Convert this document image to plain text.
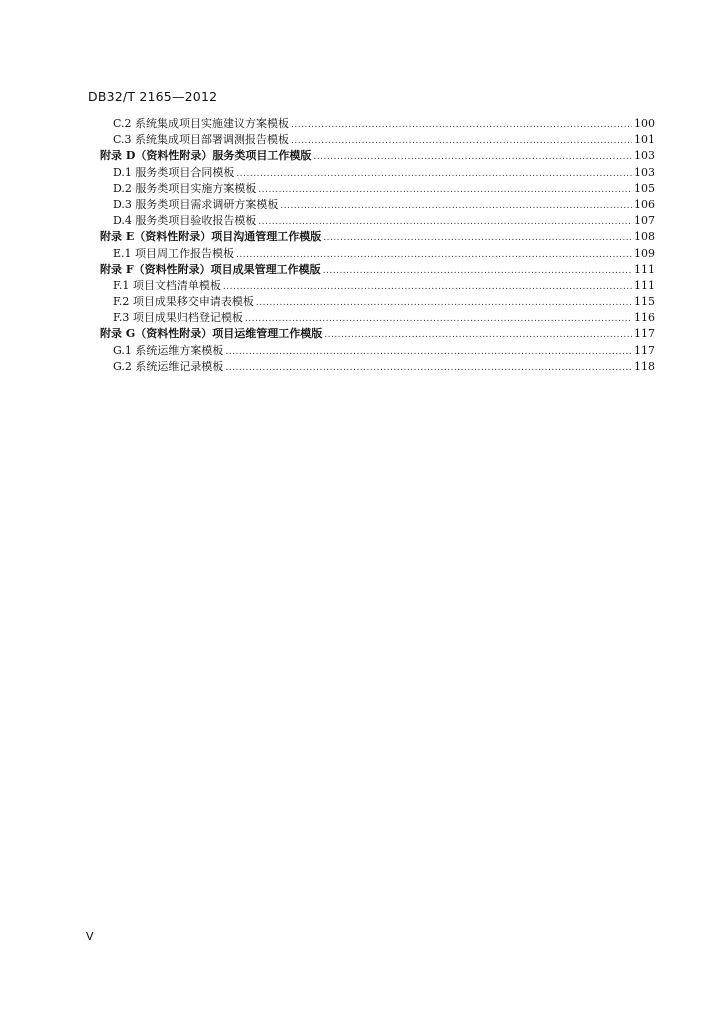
DB32/T 2165—2012
C.2 系统集成项目实施建议方案模板 .....	100
C.3 系统集成项目部署调测报告模板 .....	101
附录 D（资料性附录）服务类项目工作模版 .....	103
D.1 服务类项目合同模板 .....	103
D.2 服务类项目实施方案模板 .....	105
D.3 服务类项目需求调研方案模板 .....	106
D.4 服务类项目验收报告模板 .....	107
附录 E（资料性附录）项目沟通管理工作模版 .....	108
E.1 项目周工作报告模板 .....	109
附录 F（资料性附录）项目成果管理工作模版 .....	111
F.1 项目文档清单模板 .....	111
F.2 项目成果移交申请表模板 .....	115
F.3 项目成果归档登记模板 .....	116
附录 G（资料性附录）项目运维管理工作模版 .....	117
G.1 系统运维方案模板 .....	117
G.2 系统运维记录模板 .....	118
V
